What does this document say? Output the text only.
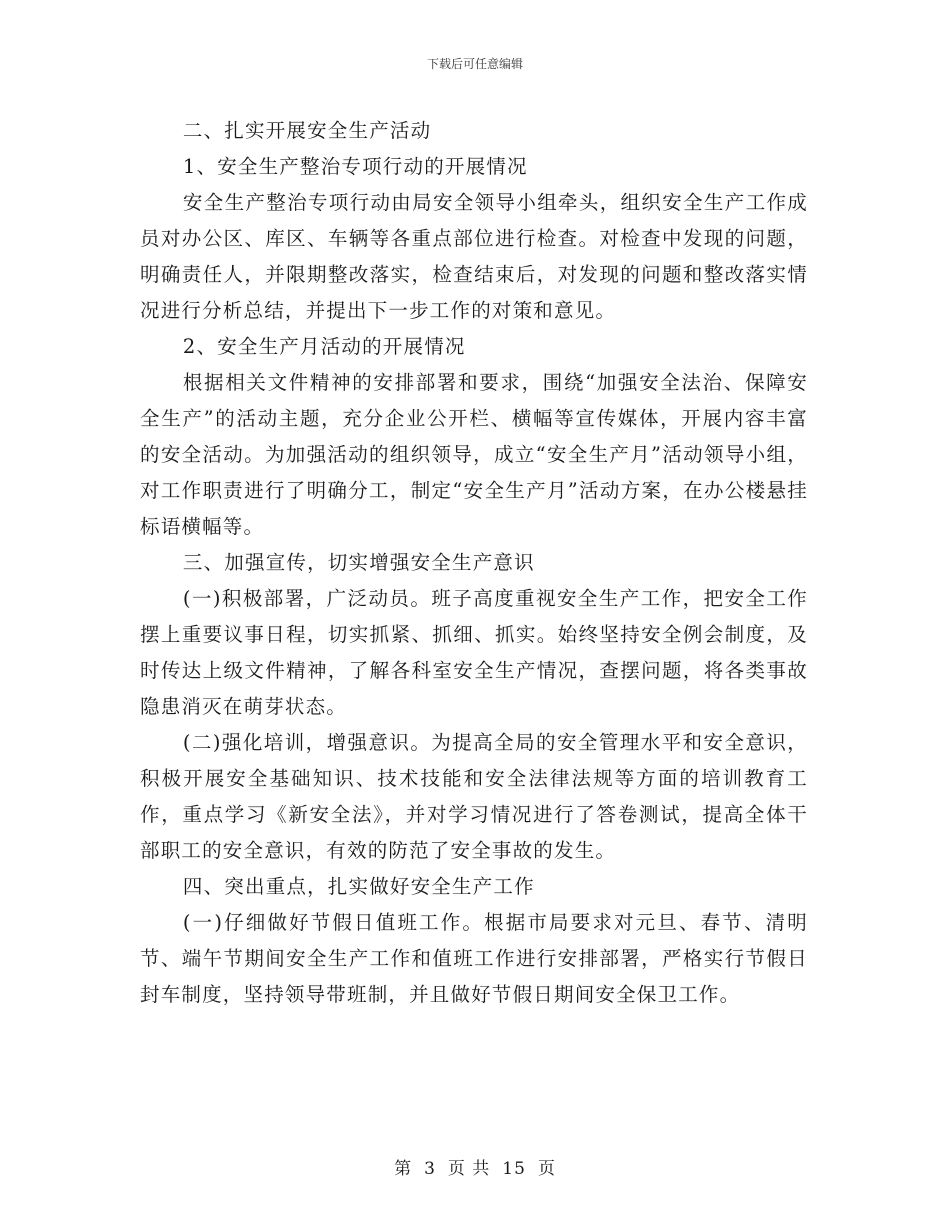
下载后可任意编辑

二、扎实开展安全生产活动

1、安全生产整治专项行动的开展情况

安全生产整治专项行动由局安全领导小组牵头，组织安全生产工作成员对办公区、库区、车辆等各重点部位进行检查。对检查中发现的问题，明确责任人，并限期整改落实，检查结束后，对发现的问题和整改落实情况进行分析总结，并提出下一步工作的对策和意见。

2、安全生产月活动的开展情况

根据相关文件精神的安排部署和要求，围绕“加强安全法治、保障安全生产”的活动主题，充分企业公开栏、横幅等宣传媒体，开展内容丰富的安全活动。为加强活动的组织领导，成立“安全生产月”活动领导小组，对工作职责进行了明确分工，制定“安全生产月”活动方案，在办公楼悬挂标语横幅等。

三、加强宣传，切实增强安全生产意识

(一)积极部署，广泛动员。班子高度重视安全生产工作，把安全工作摆上重要议事日程，切实抓紧、抓细、抓实。始终坚持安全例会制度，及时传达上级文件精神，了解各科室安全生产情况，查摆问题，将各类事故隐患消灭在萌芽状态。

(二)强化培训，增强意识。为提高全局的安全管理水平和安全意识，积极开展安全基础知识、技术技能和安全法律法规等方面的培训教育工作，重点学习《新安全法》，并对学习情况进行了答卷测试，提高全体干部职工的安全意识，有效的防范了安全事故的发生。

四、突出重点，扎实做好安全生产工作

(一)仔细做好节假日值班工作。根据市局要求对元旦、春节、清明节、端午节期间安全生产工作和值班工作进行安排部署，严格实行节假日封车制度，坚持领导带班制，并且做好节假日期间安全保卫工作。

第 3 页 共 15 页
